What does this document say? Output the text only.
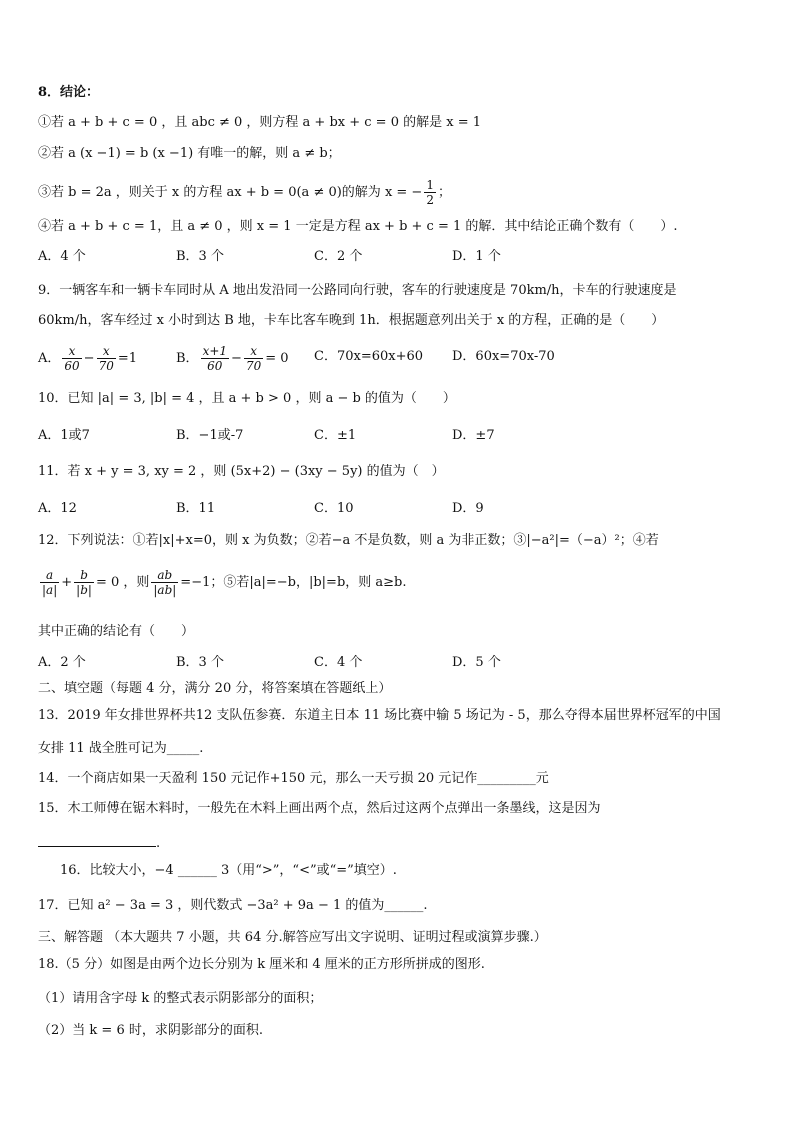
8．结论：
①若 a + b + c = 0 ，且 abc ≠ 0 ，则方程 a + bx + c = 0 的解是 x = 1
②若 a (x −1) = b (x −1) 有唯一的解，则 a ≠ b；
③若 b = 2a ，则关于 x 的方程 ax + b = 0(a ≠ 0)的解为 x = − $\frac{1}{2}$ ；
④若 a + b + c = 1，且 a ≠ 0 ，则 x = 1 一定是方程 ax + b + c = 1 的解．其中结论正确个数有（　　）.
A．4 个	B．3 个	C．2 个	D．1 个
9．一辆客车和一辆卡车同时从 A 地出发沿同一公路同向行驶，客车的行驶速度是 70km/h，卡车的行驶速度是
60km/h，客车经过 x 小时到达 B 地，卡车比客车晚到 1h．根据题意列出关于 x 的方程，正确的是（　　）
A． $\frac{x}{60} - \frac{x}{70} =1$	B． $\frac{x+1}{60} - \frac{x}{70} = 0$ C．70x=60x+60 D．60x=70x-70
10．已知 |a| = 3, |b| = 4 ，且 a + b > 0 ，则 a − b 的值为（　　）
A．1或7	B．−1或-7	C．±1	D．±7
11．若 x + y = 3, xy = 2 ，则 (5x+2) − (3xy − 5y) 的值为（　）
A．12	B．11	C．10	D．9
12．下列说法：①若|x|+x=0，则 x 为负数；②若−a 不是负数，则 a 为非正数；③|−a²|=（−a）²；④若
$\frac{a}{|a|} + \frac{b}{|b|} = 0$ ，则 $\frac{ab}{|ab|} =-1$；⑤若|a|=−b，|b|=b，则 a≥b.
其中正确的结论有（　　）
A．2 个	B．3 个	C．4 个	D．5 个
二、填空题（每题 4 分，满分 20 分，将答案填在答题纸上）
13．2019 年女排世界杯共12 支队伍参赛．东道主日本 11 场比赛中输 5 场记为 - 5，那么夺得本届世界杯冠军的中国
女排 11 战全胜可记为_____.
14．一个商店如果一天盈利 150 元记作+150 元，那么一天亏损 20 元记作_________元
15．木工师傅在锯木料时，一般先在木料上画出两个点，然后过这两个点弹出一条墨线，这是因为
.
16．比较大小，−4 ______ 3（用“>”，“<”或“=”填空）.
17．已知 a² − 3a = 3 ，则代数式 −3a² + 9a − 1 的值为______.
三、解答题 （本大题共 7 小题，共 64 分.解答应写出文字说明、证明过程或演算步骤.）
18.（5 分）如图是由两个边长分别为 k 厘米和 4 厘米的正方形所拼成的图形.
（1）请用含字母 k 的整式表示阴影部分的面积；
（2）当 k = 6 时，求阴影部分的面积.
